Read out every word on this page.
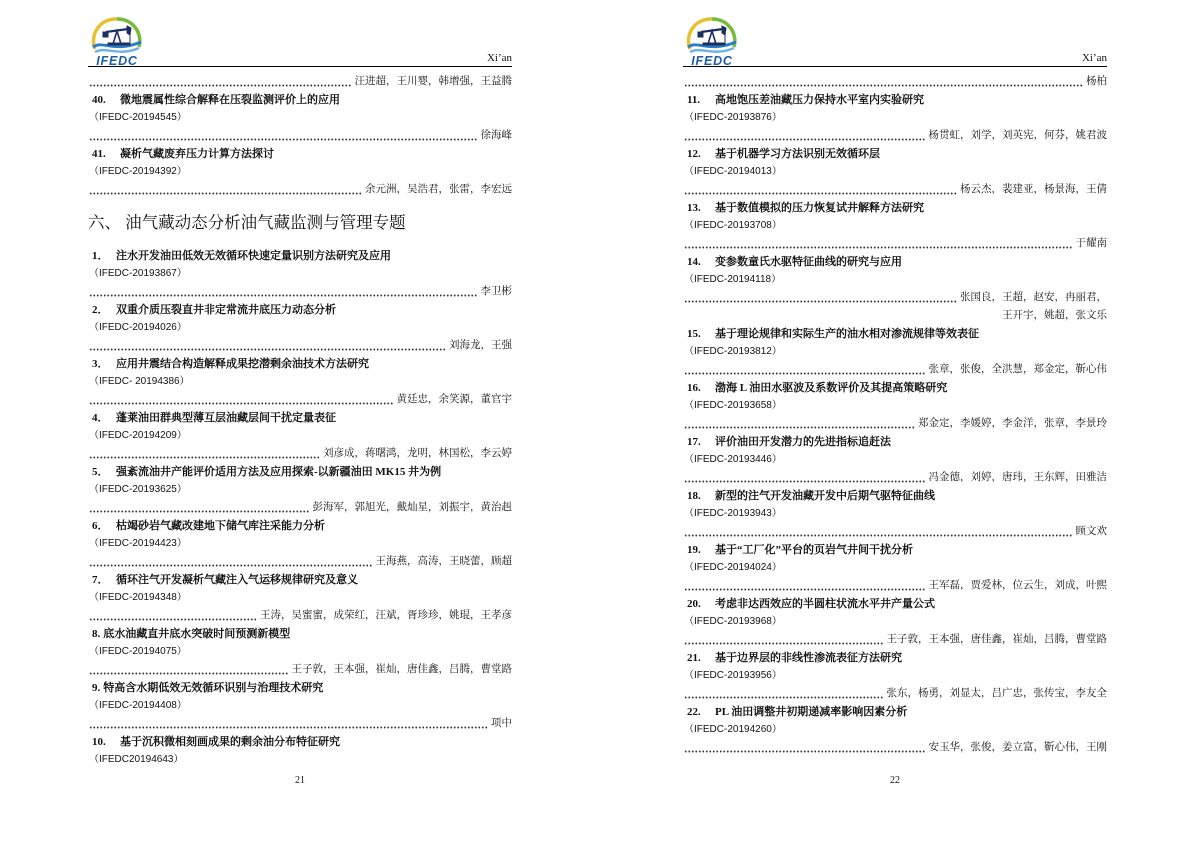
IFEDC	Xi’an
汪进超，王川婴，韩增强，王益腾
40. 微地震属性综合解释在压裂监测评价上的应用
（IFEDC-20194545）
徐海峰
41. 凝析气藏废弃压力计算方法探讨
（IFEDC-20194392）
余元洲，吴浩君，张雷，李宏远
六、 油气藏动态分析油气藏监测与管理专题
1． 注水开发油田低效无效循环快速定量识别方法研究及应用
（IFEDC-20193867）
李卫彬
2． 双重介质压裂直井非定常流井底压力动态分析
（IFEDC-20194026）
刘海龙，王强
3． 应用井震结合构造解释成果挖潜剩余油技术方法研究
（IFEDC- 20194386）
黄廷忠，余笑源，董官宇
4． 蓬莱油田群典型薄互层油藏层间干扰定量表征
（IFEDC-20194209）
刘彦成，蒋曙鸿，龙明，林国松，李云婷
5． 强紊流油井产能评价适用方法及应用探索-以新疆油田 MK15 井为例
（IFEDC-20193625）
彭海军，郭旭光，戴灿星，刘振宇，黄治赳
6． 枯竭砂岩气藏改建地下储气库注采能力分析
（IFEDC-20194423）
王海燕，高涛，王晓蕾，顾超
7． 循环注气开发凝析气藏注入气运移规律研究及意义
（IFEDC-20194348）
王涛，吴蜜蜜，成荣红，汪斌，胥珍珍，姚琨，王孝彦
8. 底水油藏直井底水突破时间预测新模型
（IFEDC-20194075）
王子敦，王本强，崔灿，唐佳鑫，吕腾，曹堂路
9. 特高含水期低效无效循环识别与治理技术研究
（IFEDC-20194408）
项中
10. 基于沉积微相刻画成果的剩余油分布特征研究
（IFEDC20194643）
21
IFEDC	Xi’an
杨柏
11. 高地饱压差油藏压力保持水平室内实验研究
（IFEDC-20193876）
杨贯虹，刘学，刘英宪，何芬，姚君波
12. 基于机器学习方法识别无效循环层
（IFEDC-20194013）
杨云杰，裴建亚，杨景海，王倩
13. 基于数值模拟的压力恢复试井解释方法研究
（IFEDC-20193708）
于耀南
14. 变参数童氏水驱特征曲线的研究与应用
（IFEDC-20194118）
张国良，王超，赵安，冉丽君，
王开宇，姚超，张文乐
15. 基于理论规律和实际生产的油水相对渗流规律等效表征
（IFEDC-20193812）
张章，张俊，全洪慧，郑金定，靳心伟
16. 渤海 L 油田水驱波及系数评价及其提高策略研究
（IFEDC-20193658）
郑金定，李媛婷，李金洋，张章，李景玲
17. 评价油田开发潜力的先进指标追赶法
（IFEDC-20193446）
冯金德，刘婷，唐玮，王东辉，田雅洁
18. 新型的注气开发油藏开发中后期气驱特征曲线
（IFEDC-20193943）
顾文欢
19. 基于“工厂化”平台的页岩气井间干扰分析
（IFEDC-20194024）
王军磊，贾爱林，位云生，刘成，叶熙
20. 考虑非达西效应的半圆柱状流水平井产量公式
（IFEDC-20193968）
王子敦，王本强，唐佳鑫，崔灿，吕腾，曹堂路
21. 基于边界层的非线性渗流表征方法研究
（IFEDC-20193956）
张东，杨勇，刘显太，吕广忠，张传宝，李友全
22. PL 油田调整井初期递减率影响因素分析
（IFEDC-20194260）
安玉华，张俊，姜立富，靳心伟，王刚
22
